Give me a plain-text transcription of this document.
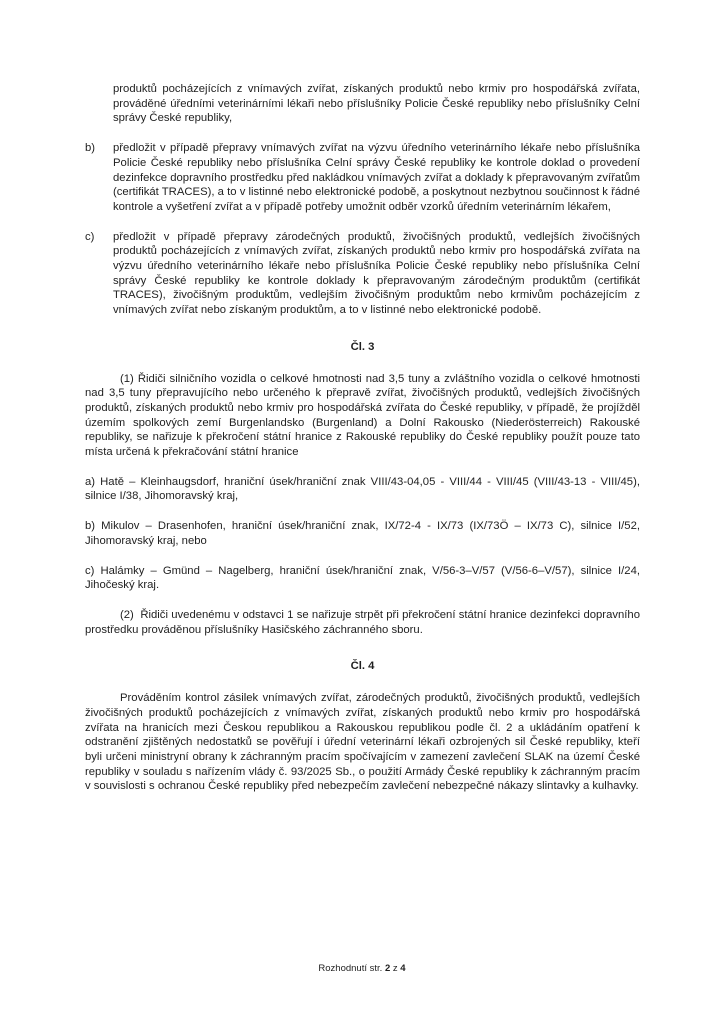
produktů pocházejících z vnímavých zvířat, získaných produktů nebo krmiv pro hospodářská zvířata, prováděné úředními veterinárními lékaři nebo příslušníky Policie České republiky nebo příslušníky Celní správy České republiky,
b) předložit v případě přepravy vnímavých zvířat na výzvu úředního veterinárního lékaře nebo příslušníka Policie České republiky nebo příslušníka Celní správy České republiky ke kontrole doklad o provedení dezinfekce dopravního prostředku před nakládkou vnímavých zvířat a doklady k přepravovaným zvířatům (certifikát TRACES), a to v listinné nebo elektronické podobě, a poskytnout nezbytnou součinnost k řádné kontrole a vyšetření zvířat a v případě potřeby umožnit odběr vzorků úředním veterinárním lékařem,
c) předložit v případě přepravy zárodečných produktů, živočišných produktů, vedlejších živočišných produktů pocházejících z vnímavých zvířat, získaných produktů nebo krmiv pro hospodářská zvířata na výzvu úředního veterinárního lékaře nebo příslušníka Policie České republiky nebo příslušníka Celní správy České republiky ke kontrole doklady k přepravovaným zárodečným produktům (certifikát TRACES), živočišným produktům, vedlejším živočišným produktům nebo krmivům pocházejícím z vnímavých zvířat nebo získaným produktům, a to v listinné nebo elektronické podobě.
Čl. 3
(1) Řidiči silničního vozidla o celkové hmotnosti nad 3,5 tuny a zvláštního vozidla o celkové hmotnosti nad 3,5 tuny přepravujícího nebo určeného k přepravě zvířat, živočišných produktů, vedlejších živočišných produktů, získaných produktů nebo krmiv pro hospodářská zvířata do České republiky, v případě, že projížděl územím spolkových zemí Burgenlandsko (Burgenland) a Dolní Rakousko (Niederösterreich) Rakouské republiky, se nařizuje k překročení státní hranice z Rakouské republiky do České republiky použít pouze tato místa určená k překračování státní hranice
a) Hatě – Kleinhaugsdorf, hraniční úsek/hraniční znak VIII/43-04,05 - VIII/44 - VIII/45 (VIII/43-13 - VIII/45), silnice I/38, Jihomoravský kraj,
b) Mikulov – Drasenhofen, hraniční úsek/hraniční znak, IX/72-4 - IX/73 (IX/73Ö – IX/73 C), silnice I/52, Jihomoravský kraj, nebo
c) Halámky – Gmünd – Nagelberg, hraniční úsek/hraniční znak, V/56-3–V/57 (V/56-6–V/57), silnice I/24, Jihočeský kraj.
(2)  Řidiči uvedenému v odstavci 1 se nařizuje strpět při překročení státní hranice dezinfekci dopravního prostředku prováděnou příslušníky Hasičského záchranného sboru.
Čl. 4
Prováděním kontrol zásilek vnímavých zvířat, zárodečných produktů, živočišných produktů, vedlejších živočišných produktů pocházejících z vnímavých zvířat, získaných produktů nebo krmiv pro hospodářská zvířata na hranicích mezi Českou republikou a Rakouskou republikou podle čl. 2 a ukládáním opatření k odstranění zjištěných nedostatků se pověřují i úřední veterinární lékaři ozbrojených sil České republiky, kteří byli určeni ministryní obrany k záchranným pracím spočívajícím v zamezení zavlečení SLAK na území České republiky v souladu s nařízením vlády č. 93/2025 Sb., o použití Armády České republiky k záchranným pracím v souvislosti s ochranou České republiky před nebezpečím zavlečení nebezpečné nákazy slintavky a kulhavky.
Rozhodnutí str. 2 z 4
